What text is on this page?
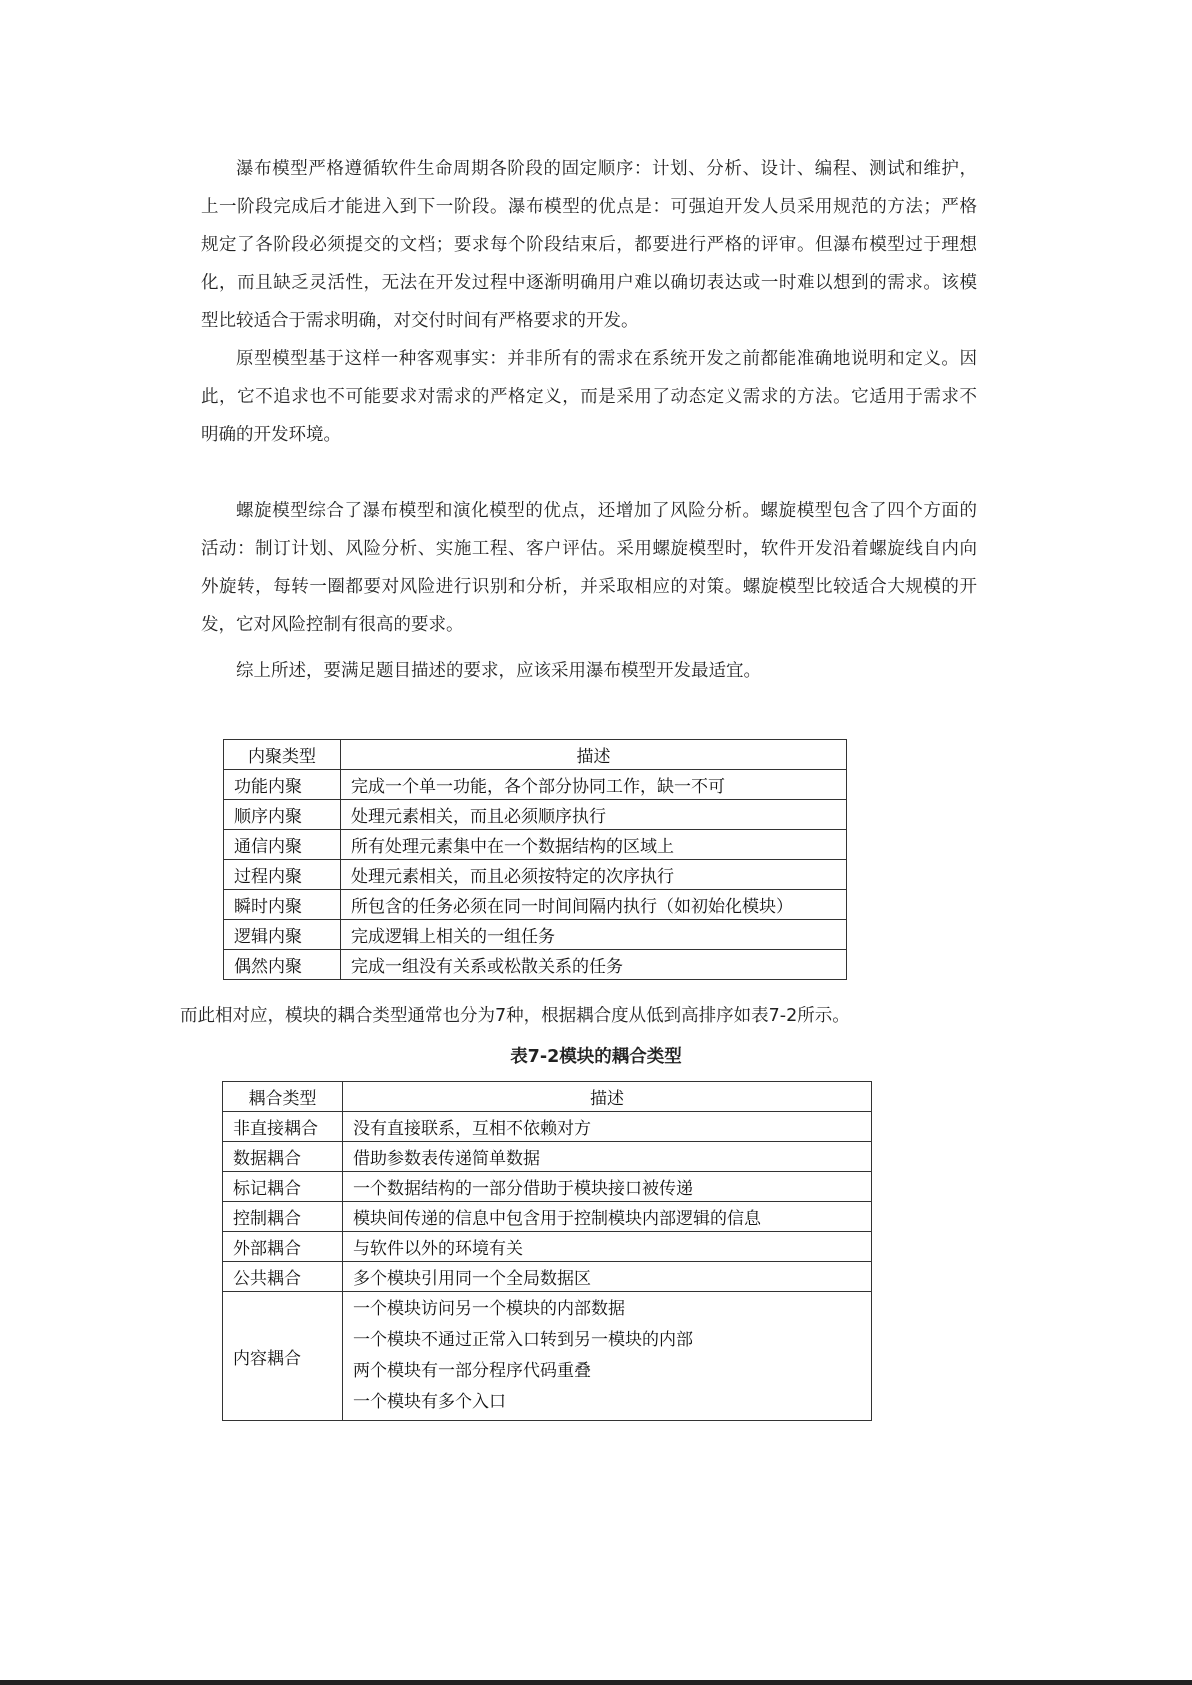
瀑布模型严格遵循软件生命周期各阶段的固定顺序：计划、分析、设计、编程、测试和维护，
上一阶段完成后才能进入到下一阶段。瀑布模型的优点是：可强迫开发人员采用规范的方法；严格
规定了各阶段必须提交的文档；要求每个阶段结束后，都要进行严格的评审。但瀑布模型过于理想
化，而且缺乏灵活性，无法在开发过程中逐渐明确用户难以确切表达或一时难以想到的需求。该模
型比较适合于需求明确，对交付时间有严格要求的开发。
原型模型基于这样一种客观事实：并非所有的需求在系统开发之前都能准确地说明和定义。因
此，它不追求也不可能要求对需求的严格定义，而是采用了动态定义需求的方法。它适用于需求不
明确的开发环境。
螺旋模型综合了瀑布模型和演化模型的优点，还增加了风险分析。螺旋模型包含了四个方面的
活动：制订计划、风险分析、实施工程、客户评估。采用螺旋模型时，软件开发沿着螺旋线自内向
外旋转，每转一圈都要对风险进行识别和分析，并采取相应的对策。螺旋模型比较适合大规模的开
发，它对风险控制有很高的要求。
综上所述，要满足题目描述的要求，应该采用瀑布模型开发最适宜。
内聚类型	描述
功能内聚	完成一个单一功能，各个部分协同工作，缺一不可
顺序内聚	处理元素相关，而且必须顺序执行
通信内聚	所有处理元素集中在一个数据结构的区域上
过程内聚	处理元素相关，而且必须按特定的次序执行
瞬时内聚	所包含的任务必须在同一时间间隔内执行（如初始化模块）
逻辑内聚	完成逻辑上相关的一组任务
偶然内聚	完成一组没有关系或松散关系的任务

而此相对应，模块的耦合类型通常也分为7种，根据耦合度从低到高排序如表7-2所示。

表7-2模块的耦合类型

耦合类型	描述
非直接耦合	没有直接联系，互相不依赖对方
数据耦合	借助参数表传递简单数据
标记耦合	一个数据结构的一部分借助于模块接口被传递
控制耦合	模块间传递的信息中包含用于控制模块内部逻辑的信息
外部耦合	与软件以外的环境有关
公共耦合	多个模块引用同一个全局数据区
内容耦合	一个模块访问另一个模块的内部数据
一个模块不通过正常入口转到另一模块的内部
两个模块有一部分程序代码重叠
一个模块有多个入口
